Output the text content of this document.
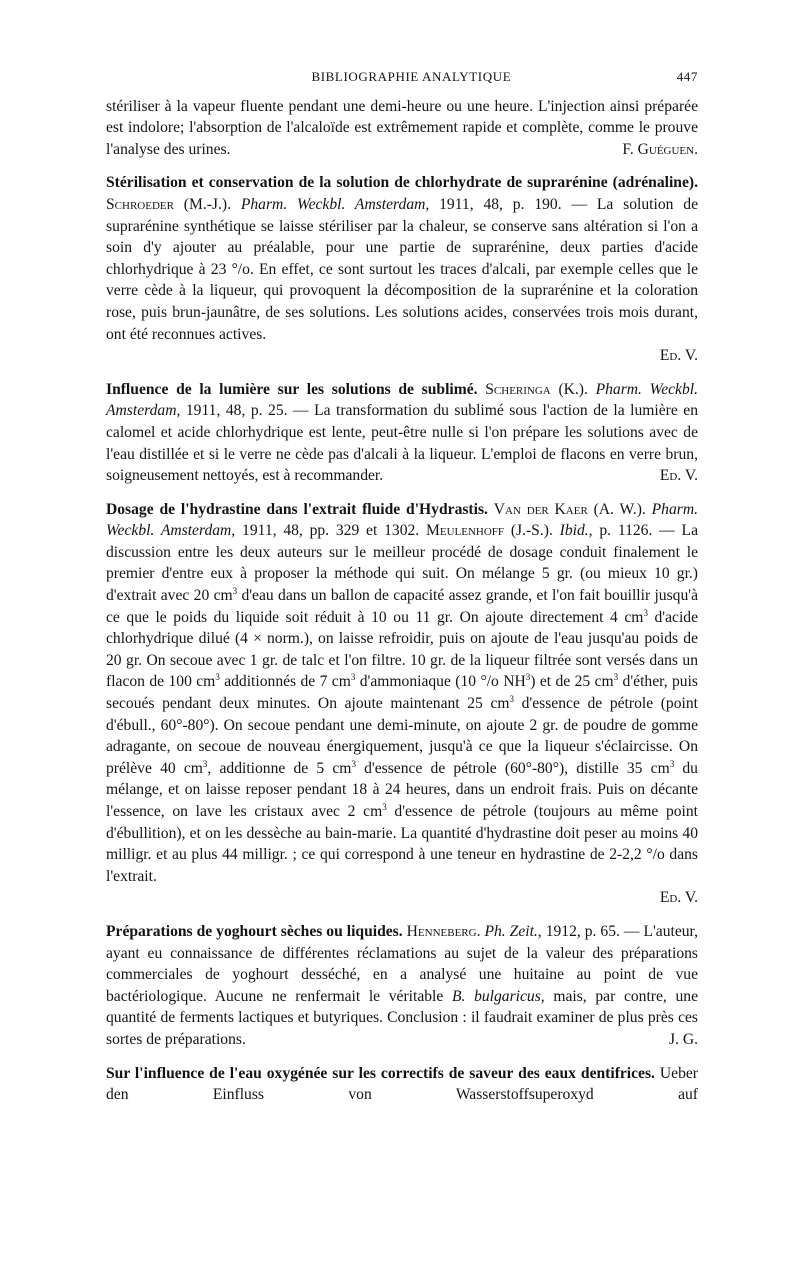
BIBLIOGRAPHIE ANALYTIQUE	447

stériliser à la vapeur fluente pendant une demi-heure ou une heure. L'injection ainsi préparée est indolore; l'absorption de l'alcaloïde est extrêmement rapide et complète, comme le prouve l'analyse des urines.	F. Guéguen.

Stérilisation et conservation de la solution de chlorhydrate de suprarénine (adrénaline). Schroeder (M.-J.). Pharm. Weckbl. Amsterdam, 1911, 48, p. 190. — La solution de suprarénine synthétique se laisse stériliser par la chaleur, se conserve sans altération si l'on a soin d'y ajouter au préalable, pour une partie de suprarénine, deux parties d'acide chlorhydrique à 23 °/o. En effet, ce sont surtout les traces d'alcali, par exemple celles que le verre cède à la liqueur, qui provoquent la décomposition de la suprarénine et la coloration rose, puis brun-jaunâtre, de ses solutions. Les solutions acides, conservées trois mois durant, ont été reconnues actives.

Ed. V.

Influence de la lumière sur les solutions de sublimé. Scheringa (K.). Pharm. Weckbl. Amsterdam, 1911, 48, p. 25. — La transformation du sublimé sous l'action de la lumière en calomel et acide chlorhydrique est lente, peut-être nulle si l'on prépare les solutions avec de l'eau distillée et si le verre ne cède pas d'alcali à la liqueur. L'emploi de flacons en verre brun, soigneusement nettoyés, est à recommander.	Ed. V.

Dosage de l'hydrastine dans l'extrait fluide d'Hydrastis. Van der Kaer (A. W.). Pharm. Weckbl. Amsterdam, 1911, 48, pp. 329 et 1302. Meulenhoff (J.-S.). Ibid., p. 1126. — La discussion entre les deux auteurs sur le meilleur procédé de dosage conduit finalement le premier d'entre eux à proposer la méthode qui suit. On mélange 5 gr. (ou mieux 10 gr.) d'extrait avec 20 $cm^3$ d'eau dans un ballon de capacité assez grande, et l'on fait bouillir jusqu'à ce que le poids du liquide soit réduit à 10 ou 11 gr. On ajoute directement 4 $cm^3$ d'acide chlorhydrique dilué (4 × norm.), on laisse refroidir, puis on ajoute de l'eau jusqu'au poids de 20 gr. On secoue avec 1 gr. de talc et l'on filtre. 10 gr. de la liqueur filtrée sont versés dans un flacon de 100 $cm^3$ additionnés de 7 $cm^3$ d'ammoniaque (10 °/o $NH^3$) et de 25 $cm^3$ d'éther, puis secoués pendant deux minutes. On ajoute maintenant 25 $cm^3$ d'essence de pétrole (point d'ébull., 60°-80°). On secoue pendant une demi-minute, on ajoute 2 gr. de poudre de gomme adragante, on secoue de nouveau énergiquement, jusqu'à ce que la liqueur s'éclaircisse. On prélève 40 $cm^3$, additionne de 5 $cm^3$ d'essence de pétrole (60°-80°), distille 35 $cm^3$ du mélange, et on laisse reposer pendant 18 à 24 heures, dans un endroit frais. Puis on décante l'essence, on lave les cristaux avec 2 $cm^3$ d'essence de pétrole (toujours au même point d'ébullition), et on les dessèche au bain-marie. La quantité d'hydrastine doit peser au moins 40 milligr. et au plus 44 milligr. ; ce qui correspond à une teneur en hydrastine de 2-2,2 °/o dans l'extrait.

Ed. V.

Préparations de yoghourt sèches ou liquides. Henneberg. Ph. Zeit., 1912, p. 65. — L'auteur, ayant eu connaissance de différentes réclamations au sujet de la valeur des préparations commerciales de yoghourt desséché, en a analysé une huitaine au point de vue bactériologique. Aucune ne renfermait le véritable B. bulgaricus, mais, par contre, une quantité de ferments lactiques et butyriques. Conclusion : il faudrait examiner de plus près ces sortes de préparations.	J. G.

Sur l'influence de l'eau oxygénée sur les correctifs de saveur des eaux dentifrices. Ueber den Einfluss von Wasserstoffsuperoxyd auf
